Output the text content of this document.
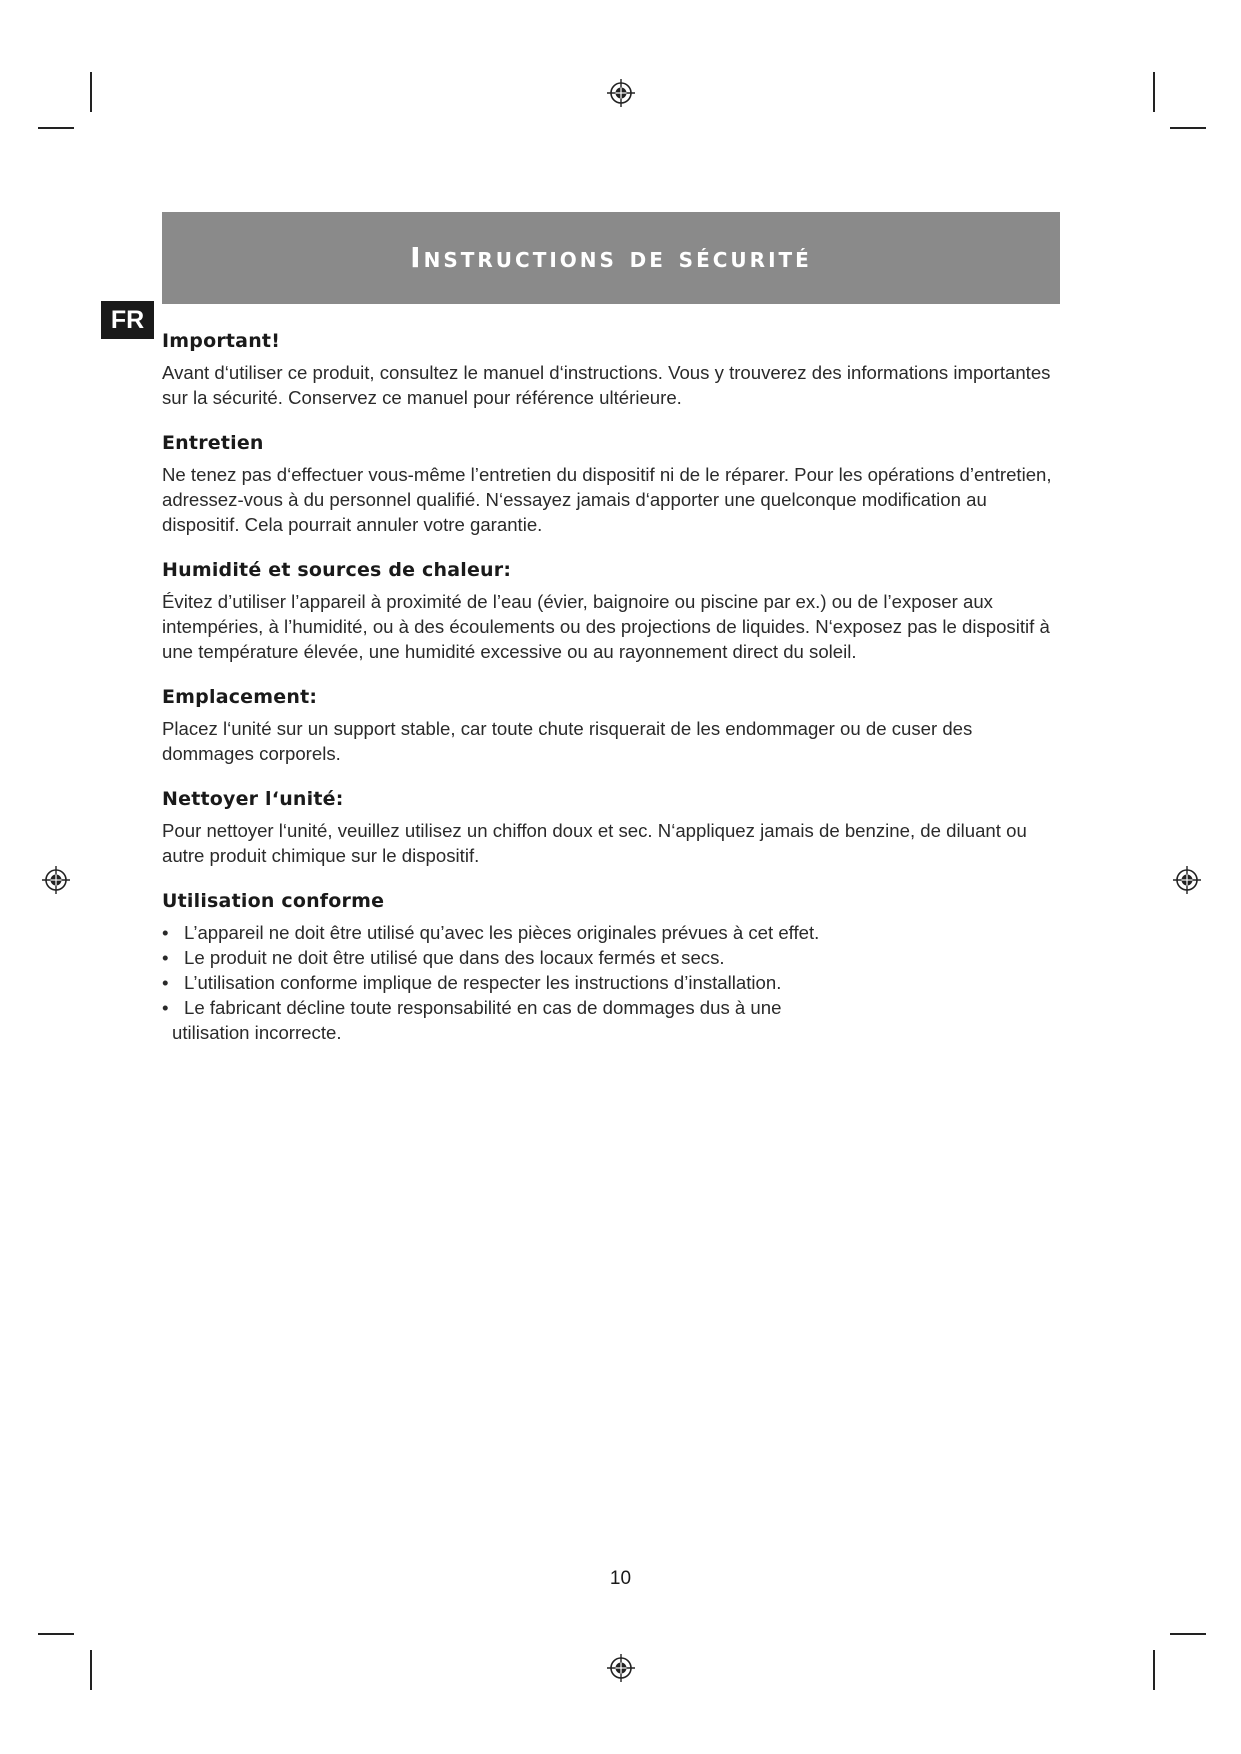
Instructions de sécurité
FR
Important!

Avant d‘utiliser ce produit, consultez le manuel d‘instructions. Vous y trouverez des informations importantes sur la sécurité. Conservez ce manuel pour référence ultérieure.

Entretien

Ne tenez pas d‘effectuer vous-même l’entretien du dispositif ni de le réparer. Pour les opérations d’entretien, adressez-vous à du personnel qualifié. N‘essayez jamais d‘apporter une quelconque modification au dispositif. Cela pourrait annuler votre garantie.

Humidité et sources de chaleur:

Évitez d’utiliser l’appareil à proximité de l’eau (évier, baignoire ou piscine par ex.) ou de l’exposer aux intempéries, à l’humidité, ou à des écoulements ou des projections de liquides. N‘exposez pas le dispositif à une température élevée, une humidité excessive ou au rayonnement direct du soleil.

Emplacement:

Placez l‘unité sur un support stable, car toute chute risquerait de les endommager ou de cuser des dommages corporels.

Nettoyer l‘unité:

Pour nettoyer l‘unité, veuillez utilisez un chiffon doux et sec. N‘appliquez jamais de benzine, de diluant ou autre produit chimique sur le dispositif.

Utilisation conforme
• L’appareil ne doit être utilisé qu’avec les pièces originales prévues à cet effet.
• Le produit ne doit être utilisé que dans des locaux fermés et secs.
• L’utilisation conforme implique de respecter les instructions d’installation.
• Le fabricant décline toute responsabilité en cas de dommages dus à une utilisation incorrecte.
10
